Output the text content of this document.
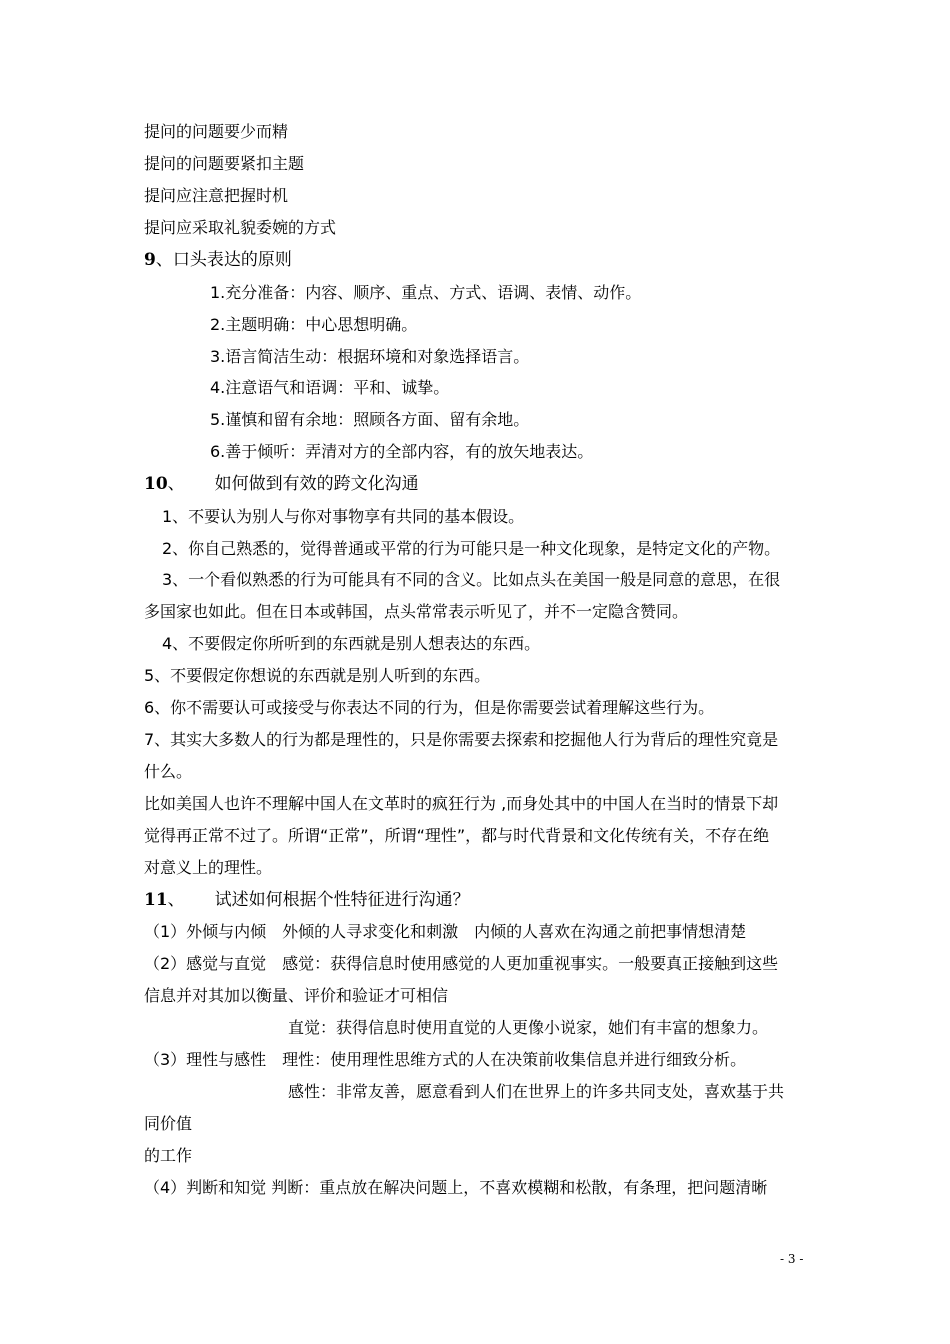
提问的问题要少而精
提问的问题要紧扣主题
提问应注意把握时机
提问应采取礼貌委婉的方式
9、口头表达的原则
1.充分准备：内容、顺序、重点、方式、语调、表情、动作。
2.主题明确：中心思想明确。
3.语言简洁生动：根据环境和对象选择语言。
4.注意语气和语调：平和、诚挚。
5.谨慎和留有余地：照顾各方面、留有余地。
6.善于倾听：弄清对方的全部内容，有的放矢地表达。
10、 如何做到有效的跨文化沟通
1、不要认为别人与你对事物享有共同的基本假设。
2、你自己熟悉的，觉得普通或平常的行为可能只是一种文化现象，是特定文化的产物。
3、一个看似熟悉的行为可能具有不同的含义。比如点头在美国一般是同意的意思，在很
多国家也如此。但在日本或韩国，点头常常表示听见了，并不一定隐含赞同。
4、不要假定你所听到的东西就是别人想表达的东西。
5、不要假定你想说的东西就是别人听到的东西。
6、你不需要认可或接受与你表达不同的行为，但是你需要尝试着理解这些行为。
7、其实大多数人的行为都是理性的，只是你需要去探索和挖掘他人行为背后的理性究竟是
什么。
比如美国人也许不理解中国人在文革时的疯狂行为 ,而身处其中的中国人在当时的情景下却
觉得再正常不过了。所谓“正常”，所谓“理性”，都与时代背景和文化传统有关，不存在绝
对意义上的理性。
11、 试述如何根据个性特征进行沟通？
（1）外倾与内倾　外倾的人寻求变化和刺激　内倾的人喜欢在沟通之前把事情想清楚
（2）感觉与直觉　感觉：获得信息时使用感觉的人更加重视事实。一般要真正接触到这些
信息并对其加以衡量、评价和验证才可相信
直觉：获得信息时使用直觉的人更像小说家，她们有丰富的想象力。
（3）理性与感性　理性：使用理性思维方式的人在决策前收集信息并进行细致分析。
感性：非常友善，愿意看到人们在世界上的许多共同支处，喜欢基于共
同价值
的工作
（4）判断和知觉 判断：重点放在解决问题上，不喜欢模糊和松散，有条理，把问题清晰
- 3 -
